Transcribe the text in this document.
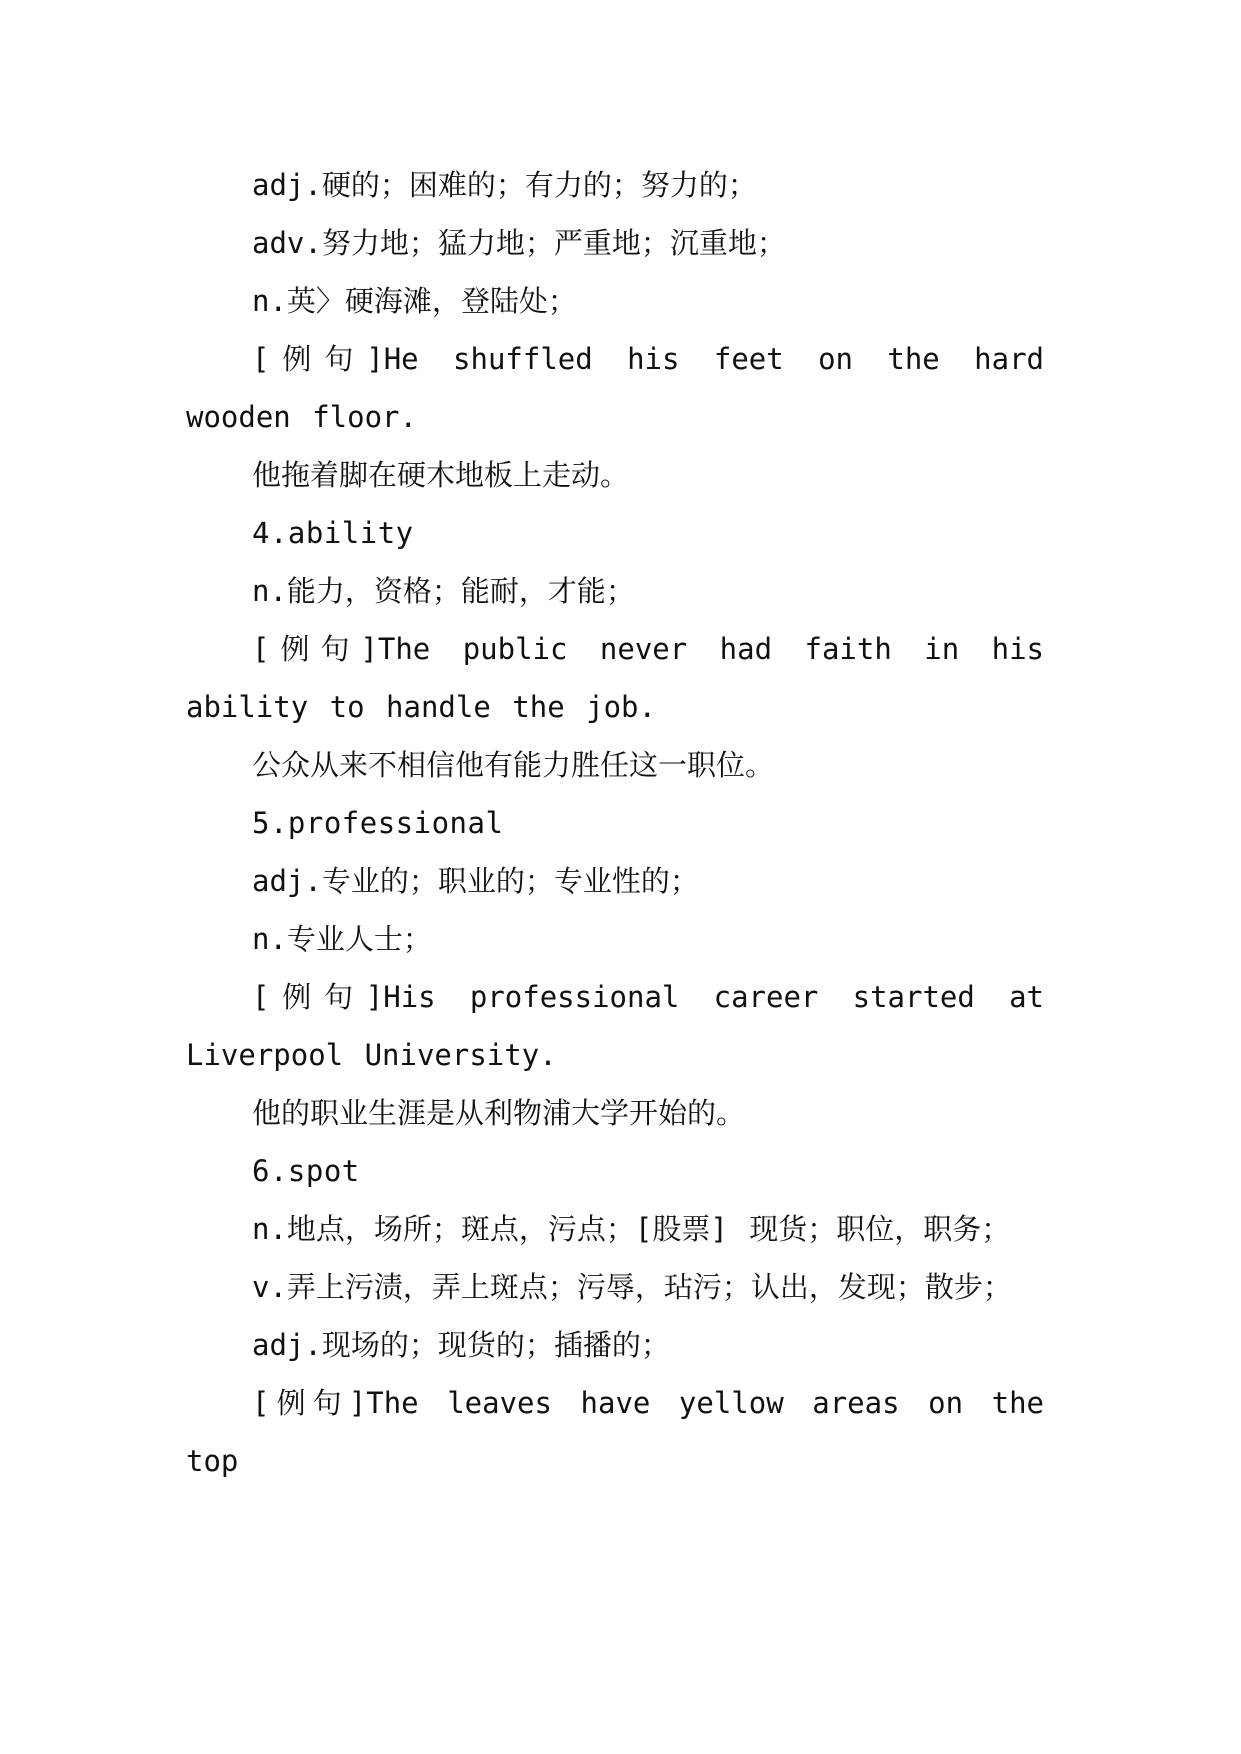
adj.硬的；困难的；有力的；努力的；

adv.努力地；猛力地；严重地；沉重地；

n.英〉硬海滩，登陆处；

[例句]He shuffled his feet on the hard wooden floor.

他拖着脚在硬木地板上走动。

4.ability

n.能力，资格；能耐，才能；

[例句]The public never had faith in his ability to handle the job.

公众从来不相信他有能力胜任这一职位。

5.professional

adj.专业的；职业的；专业性的；

n.专业人士；

[例句]His professional career started at Liverpool University.

他的职业生涯是从利物浦大学开始的。

6.spot

n.地点，场所；斑点，污点；[股票] 现货；职位，职务；

v.弄上污渍，弄上斑点；污辱，玷污；认出，发现；散步；

adj.现场的；现货的；插播的；

[例句]The leaves have yellow areas on the top
